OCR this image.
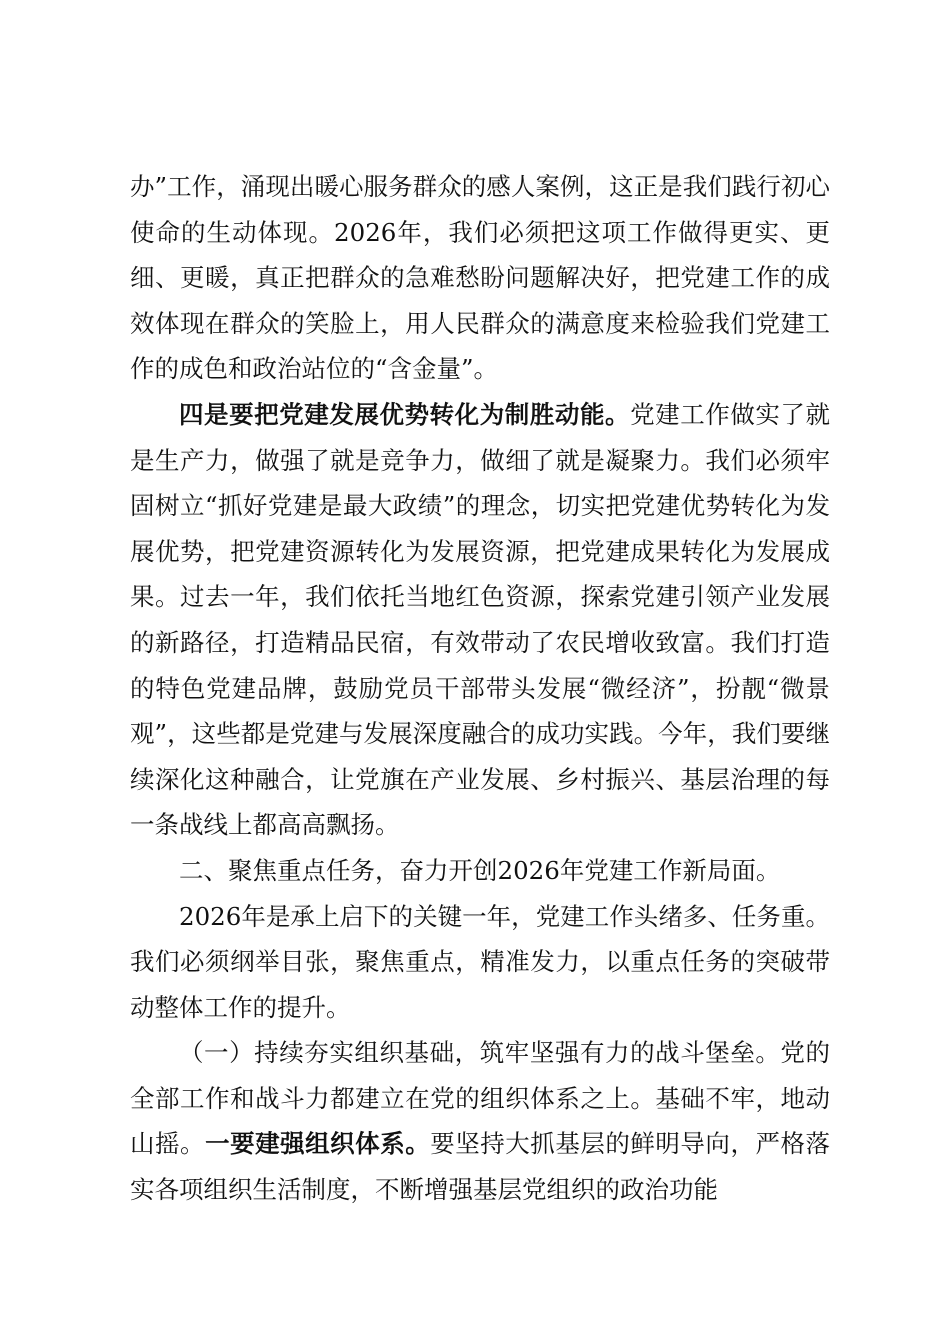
办”工作，涌现出暖心服务群众的感人案例，这正是我们践行初心使命的生动体现。2026年，我们必须把这项工作做得更实、更细、更暖，真正把群众的急难愁盼问题解决好，把党建工作的成效体现在群众的笑脸上，用人民群众的满意度来检验我们党建工作的成色和政治站位的“含金量”。

四是要把党建发展优势转化为制胜动能。党建工作做实了就是生产力，做强了就是竞争力，做细了就是凝聚力。我们必须牢固树立“抓好党建是最大政绩”的理念，切实把党建优势转化为发展优势，把党建资源转化为发展资源，把党建成果转化为发展成果。过去一年，我们依托当地红色资源，探索党建引领产业发展的新路径，打造精品民宿，有效带动了农民增收致富。我们打造的特色党建品牌，鼓励党员干部带头发展“微经济”，扮靓“微景观”，这些都是党建与发展深度融合的成功实践。今年，我们要继续深化这种融合，让党旗在产业发展、乡村振兴、基层治理的每一条战线上都高高飘扬。

二、聚焦重点任务，奋力开创2026年党建工作新局面。

2026年是承上启下的关键一年，党建工作头绪多、任务重。我们必须纲举目张，聚焦重点，精准发力，以重点任务的突破带动整体工作的提升。

（一）持续夯实组织基础，筑牢坚强有力的战斗堡垒。党的全部工作和战斗力都建立在党的组织体系之上。基础不牢，地动山摇。一要建强组织体系。要坚持大抓基层的鲜明导向，严格落实各项组织生活制度，不断增强基层党组织的政治功能
